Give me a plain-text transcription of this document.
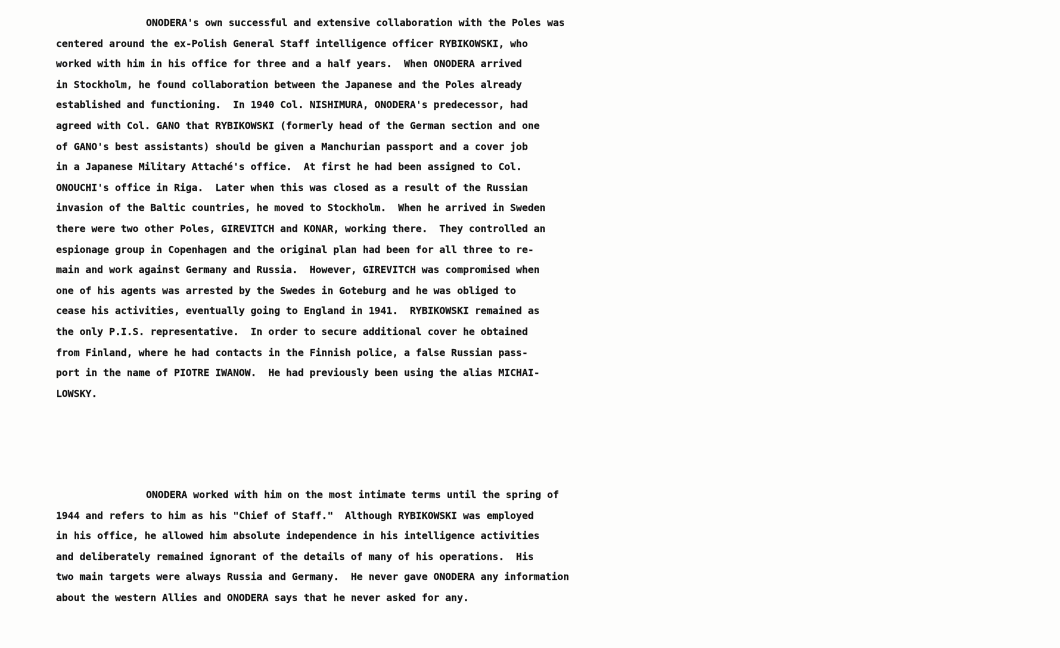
ONODERA's own successful and extensive collaboration with the Poles was
centered around the ex-Polish General Staff intelligence officer RYBIKOWSKI, who
worked with him in his office for three and a half years.  When ONODERA arrived
in Stockholm, he found collaboration between the Japanese and the Poles already
established and functioning.  In 1940 Col. NISHIMURA, ONODERA's predecessor, had
agreed with Col. GANO that RYBIKOWSKI (formerly head of the German section and one
of GANO's best assistants) should be given a Manchurian passport and a cover job
in a Japanese Military Attaché's office.  At first he had been assigned to Col.
ONOUCHI's office in Riga.  Later when this was closed as a result of the Russian
invasion of the Baltic countries, he moved to Stockholm.  When he arrived in Sweden
there were two other Poles, GIREVITCH and KONAR, working there.  They controlled an
espionage group in Copenhagen and the original plan had been for all three to re-
main and work against Germany and Russia.  However, GIREVITCH was compromised when
one of his agents was arrested by the Swedes in Goteburg and he was obliged to
cease his activities, eventually going to England in 1941.  RYBIKOWSKI remained as
the only P.I.S. representative.  In order to secure additional cover he obtained
from Finland, where he had contacts in the Finnish police, a false Russian pass-
port in the name of PIOTRE IWANOW.  He had previously been using the alias MICHAI-
LOWSKY.
ONODERA worked with him on the most intimate terms until the spring of
1944 and refers to him as his "Chief of Staff."  Although RYBIKOWSKI was employed
in his office, he allowed him absolute independence in his intelligence activities
and deliberately remained ignorant of the details of many of his operations.  His
two main targets were always Russia and Germany.  He never gave ONODERA any information
about the western Allies and ONODERA says that he never asked for any.
